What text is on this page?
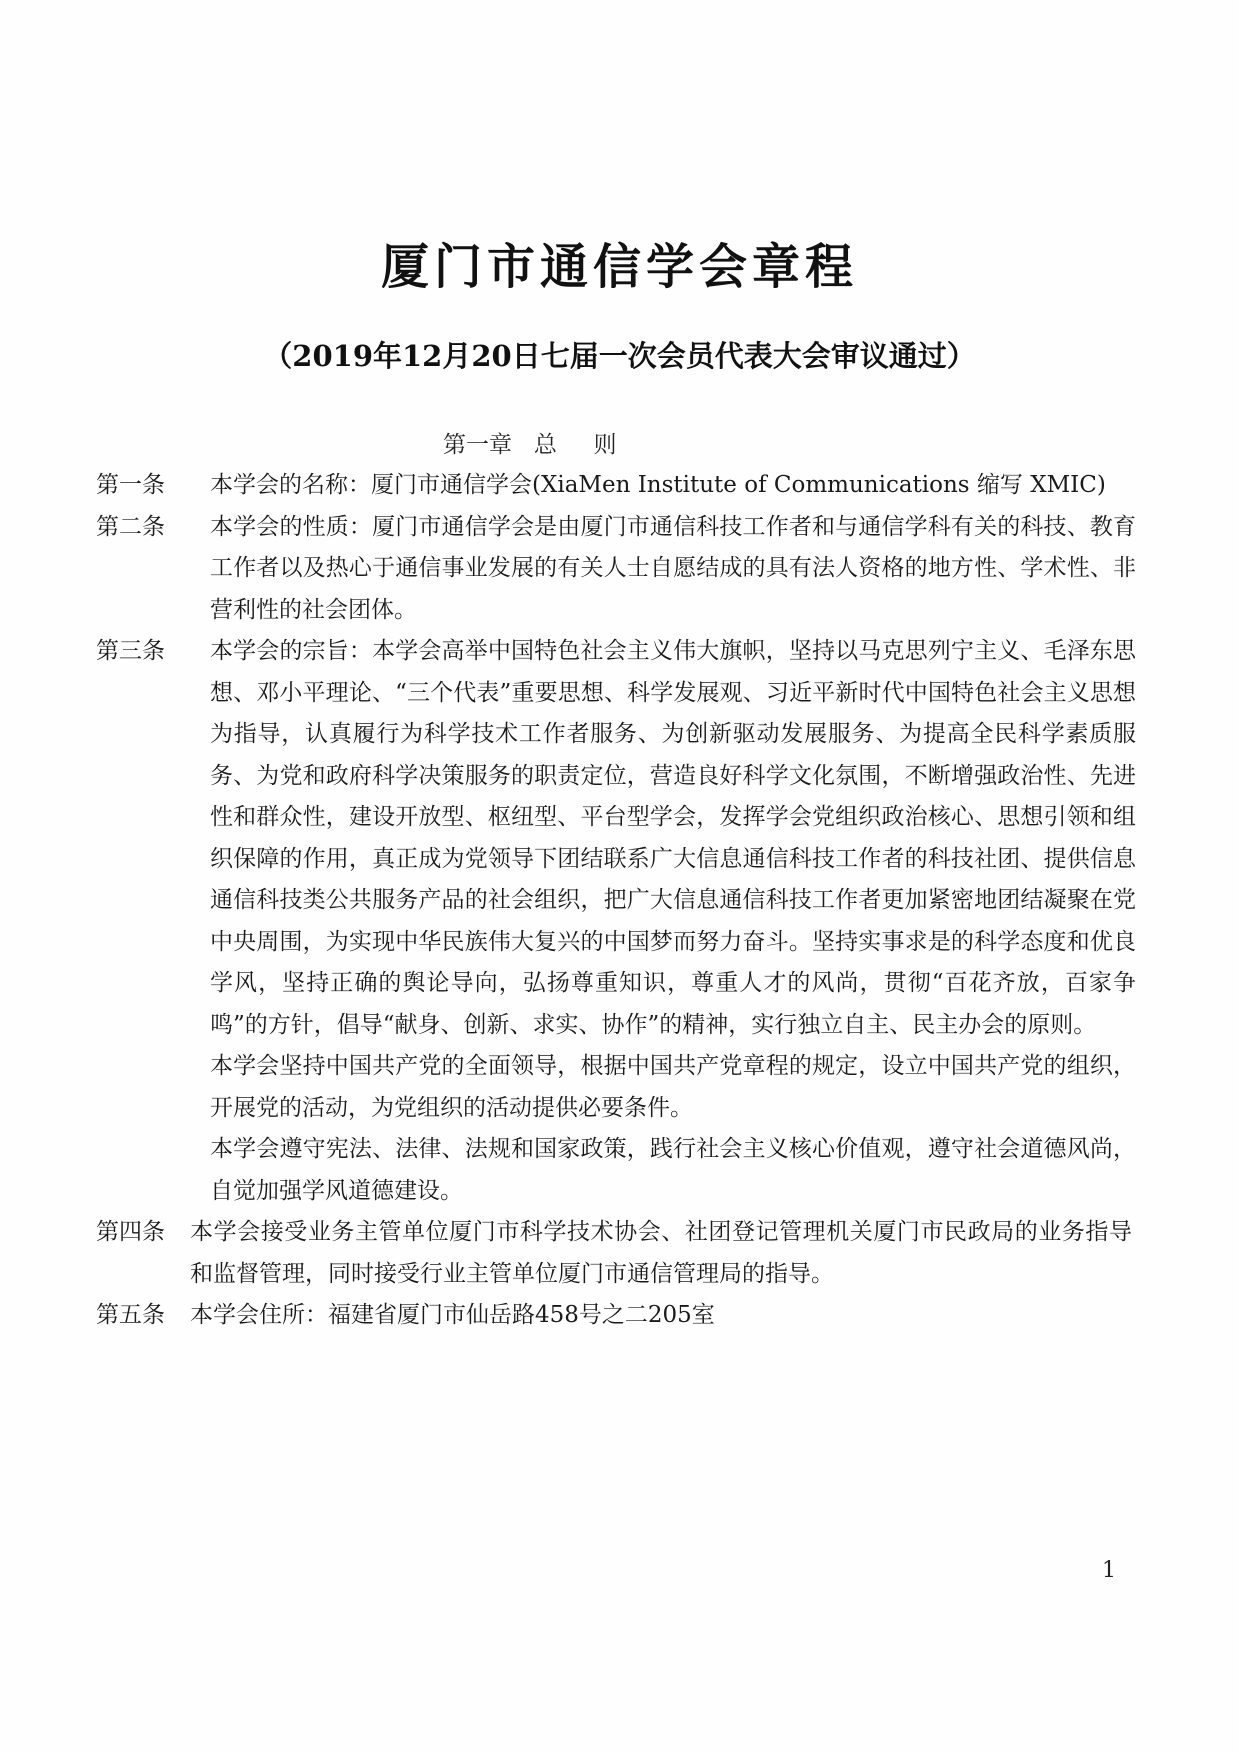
厦门市通信学会章程
（2019年12月20日七届一次会员代表大会审议通过）
第一章   总     则
第一条	本学会的名称：厦门市通信学会(XiaMen Institute of Communications 缩写 XMIC)
第二条	本学会的性质：厦门市通信学会是由厦门市通信科技工作者和与通信学科有关的科技、教育工作者以及热心于通信事业发展的有关人士自愿结成的具有法人资格的地方性、学术性、非营利性的社会团体。
第三条	本学会的宗旨：本学会高举中国特色社会主义伟大旗帜，坚持以马克思列宁主义、毛泽东思想、邓小平理论、“三个代表”重要思想、科学发展观、习近平新时代中国特色社会主义思想为指导，认真履行为科学技术工作者服务、为创新驱动发展服务、为提高全民科学素质服务、为党和政府科学决策服务的职责定位，营造良好科学文化氛围，不断增强政治性、先进性和群众性，建设开放型、枢纽型、平台型学会，发挥学会党组织政治核心、思想引领和组织保障的作用，真正成为党领导下团结联系广大信息通信科技工作者的科技社团、提供信息通信科技类公共服务产品的社会组织，把广大信息通信科技工作者更加紧密地团结凝聚在党中央周围，为实现中华民族伟大复兴的中国梦而努力奋斗。坚持实事求是的科学态度和优良学风，坚持正确的舆论导向，弘扬尊重知识，尊重人才的风尚，贯彻“百花齐放，百家争鸣”的方针，倡导“献身、创新、求实、协作”的精神，实行独立自主、民主办会的原则。
本学会坚持中国共产党的全面领导，根据中国共产党章程的规定，设立中国共产党的组织，开展党的活动，为党组织的活动提供必要条件。
本学会遵守宪法、法律、法规和国家政策，践行社会主义核心价值观，遵守社会道德风尚，自觉加强学风道德建设。
第四条	本学会接受业务主管单位厦门市科学技术协会、社团登记管理机关厦门市民政局的业务指导和监督管理，同时接受行业主管单位厦门市通信管理局的指导。
第五条	本学会住所：福建省厦门市仙岳路458号之二205室
1
